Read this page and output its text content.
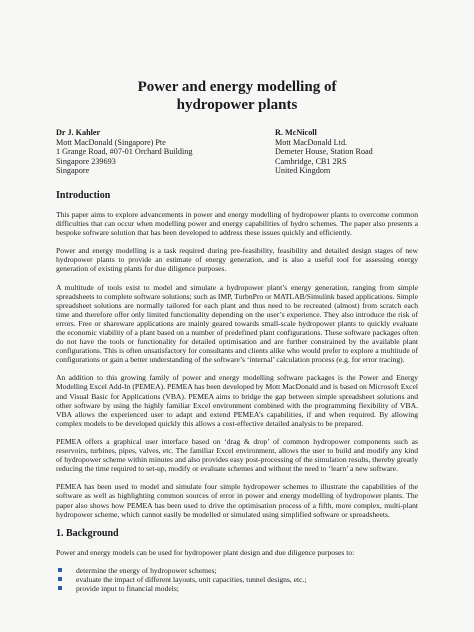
Power and energy modelling of
hydropower plants
Dr J. Kahler
Mott MacDonald (Singapore) Pte
1 Grange Road, #07-01 Orchard Building
Singapore 239693
Singapore
R. McNicoll
Mott MacDonald Ltd.
Demeter House, Station Road
Cambridge, CB1 2RS
United Kingdom
Introduction

This paper aims to explore advancements in power and energy modelling of hydropower plants to overcome common difficulties that can occur when modelling power and energy capabilities of hydro schemes. The paper also presents a bespoke software solution that has been developed to address these issues quickly and efficiently.

Power and energy modelling is a task required during pre-feasibility, feasibility and detailed design stages of new hydropower plants to provide an estimate of energy generation, and is also a useful tool for assessing energy generation of existing plants for due diligence purposes.

A multitude of tools exist to model and simulate a hydropower plant’s energy generation, ranging from simple spreadsheets to complete software solutions; such as IMP, TurbnPro or MATLAB/Simulink based applications. Simple spreadsheet solutions are normally tailored for each plant and thus need to be recreated (almost) from scratch each time and therefore offer only limited functionality depending on the user’s experience. They also introduce the risk of errors. Free or shareware applications are mainly geared towards small-scale hydropower plants to quickly evaluate the economic viability of a plant based on a number of predefined plant configurations. These software packages often do not have the tools or functionality for detailed optimisation and are further constrained by the available plant configurations. This is often unsatisfactory for consultants and clients alike who would prefer to explore a multitude of configurations or gain a better understanding of the software’s ‘internal’ calculation process (e.g. for error tracing).

An addition to this growing family of power and energy modelling software packages is the Power and Energy Modelling Excel Add-In (PEMEA). PEMEA has been developed by Mott MacDonald and is based on Microsoft Excel and Visual Basic for Applications (VBA). PEMEA aims to bridge the gap between simple spreadsheet solutions and other software by using the highly familiar Excel environment combined with the programming flexibility of VBA. VBA allows the experienced user to adapt and extend PEMEA’s capabilities, if and when required. By allowing complex models to be developed quickly this allows a cost-effective detailed analysis to be prepared.

PEMEA offers a graphical user interface based on ‘drag & drop’ of common hydropower components such as reservoirs, turbines, pipes, valves, etc. The familiar Excel environment, allows the user to build and modify any kind of hydropower scheme within minutes and also provides easy post-processing of the simulation results, thereby greatly reducing the time required to set-up, modify or evaluate schemes and without the need to ‘learn’ a new software.

PEMEA has been used to model and simulate four simple hydropower schemes to illustrate the capabilities of the software as well as highlighting common sources of error in power and energy modelling of hydropower plants. The paper also shows how PEMEA has been used to drive the optimisation process of a fifth, more complex, multi-plant hydropower scheme, which cannot easily be modelled or simulated using simplified software or spreadsheets.

1. Background

Power and energy models can be used for hydropower plant design and due diligence purposes to:

determine the energy of hydropower schemes;
evaluate the impact of different layouts, unit capacities, tunnel designs, etc.;
provide input to financial models;
